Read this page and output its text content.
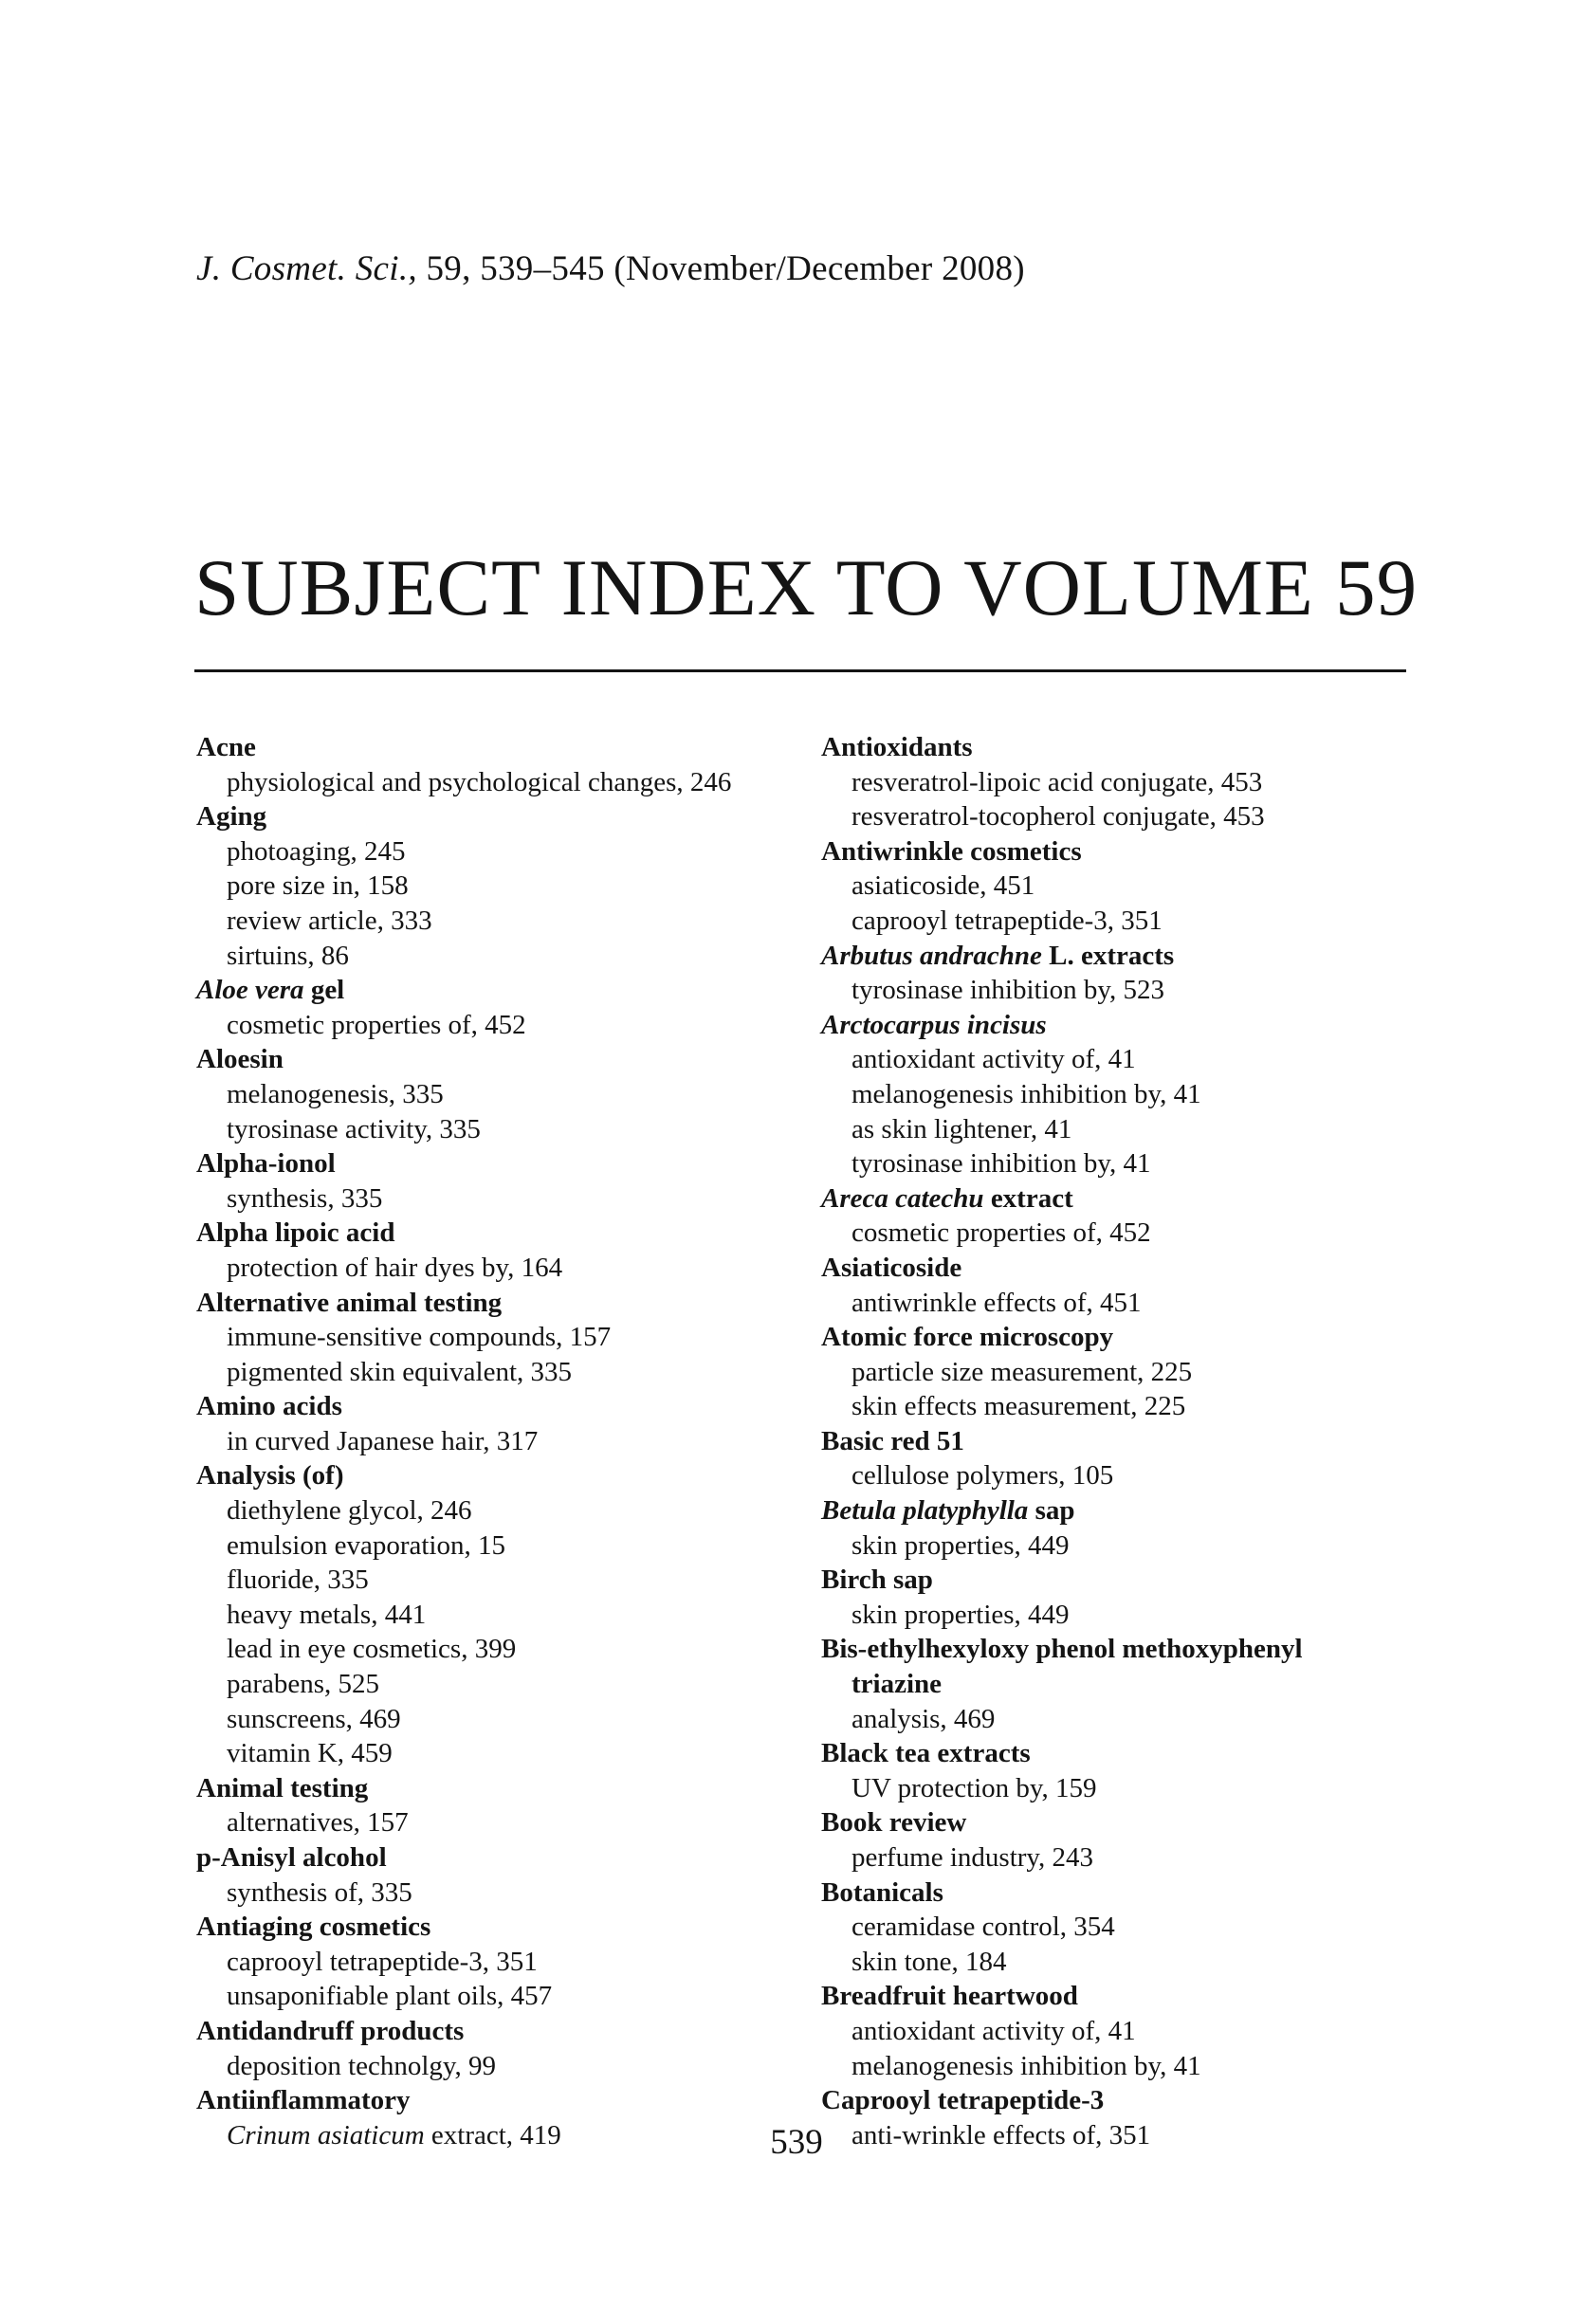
J. Cosmet. Sci., 59, 539–545 (November/December 2008)
SUBJECT INDEX TO VOLUME 59
Acne
physiological and psychological changes, 246
Aging
photoaging, 245
pore size in, 158
review article, 333
sirtuins, 86
Aloe vera gel
cosmetic properties of, 452
Aloesin
melanogenesis, 335
tyrosinase activity, 335
Alpha-ionol
synthesis, 335
Alpha lipoic acid
protection of hair dyes by, 164
Alternative animal testing
immune-sensitive compounds, 157
pigmented skin equivalent, 335
Amino acids
in curved Japanese hair, 317
Analysis (of)
diethylene glycol, 246
emulsion evaporation, 15
fluoride, 335
heavy metals, 441
lead in eye cosmetics, 399
parabens, 525
sunscreens, 469
vitamin K, 459
Animal testing
alternatives, 157
p-Anisyl alcohol
synthesis of, 335
Antiaging cosmetics
caprooyl tetrapeptide-3, 351
unsaponifiable plant oils, 457
Antidandruff products
deposition technolgy, 99
Antiinflammatory
Crinum asiaticum extract, 419
Antioxidants
resveratrol-lipoic acid conjugate, 453
resveratrol-tocopherol conjugate, 453
Antiwrinkle cosmetics
asiaticoside, 451
caprooyl tetrapeptide-3, 351
Arbutus andrachne L. extracts
tyrosinase inhibition by, 523
Arctocarpus incisus
antioxidant activity of, 41
melanogenesis inhibition by, 41
as skin lightener, 41
tyrosinase inhibition by, 41
Areca catechu extract
cosmetic properties of, 452
Asiaticoside
antiwrinkle effects of, 451
Atomic force microscopy
particle size measurement, 225
skin effects measurement, 225
Basic red 51
cellulose polymers, 105
Betula platyphylla sap
skin properties, 449
Birch sap
skin properties, 449
Bis-ethylhexyloxy phenol methoxyphenyl
triazine
analysis, 469
Black tea extracts
UV protection by, 159
Book review
perfume industry, 243
Botanicals
ceramidase control, 354
skin tone, 184
Breadfruit heartwood
antioxidant activity of, 41
melanogenesis inhibition by, 41
Caprooyl tetrapeptide-3
anti-wrinkle effects of, 351
539
